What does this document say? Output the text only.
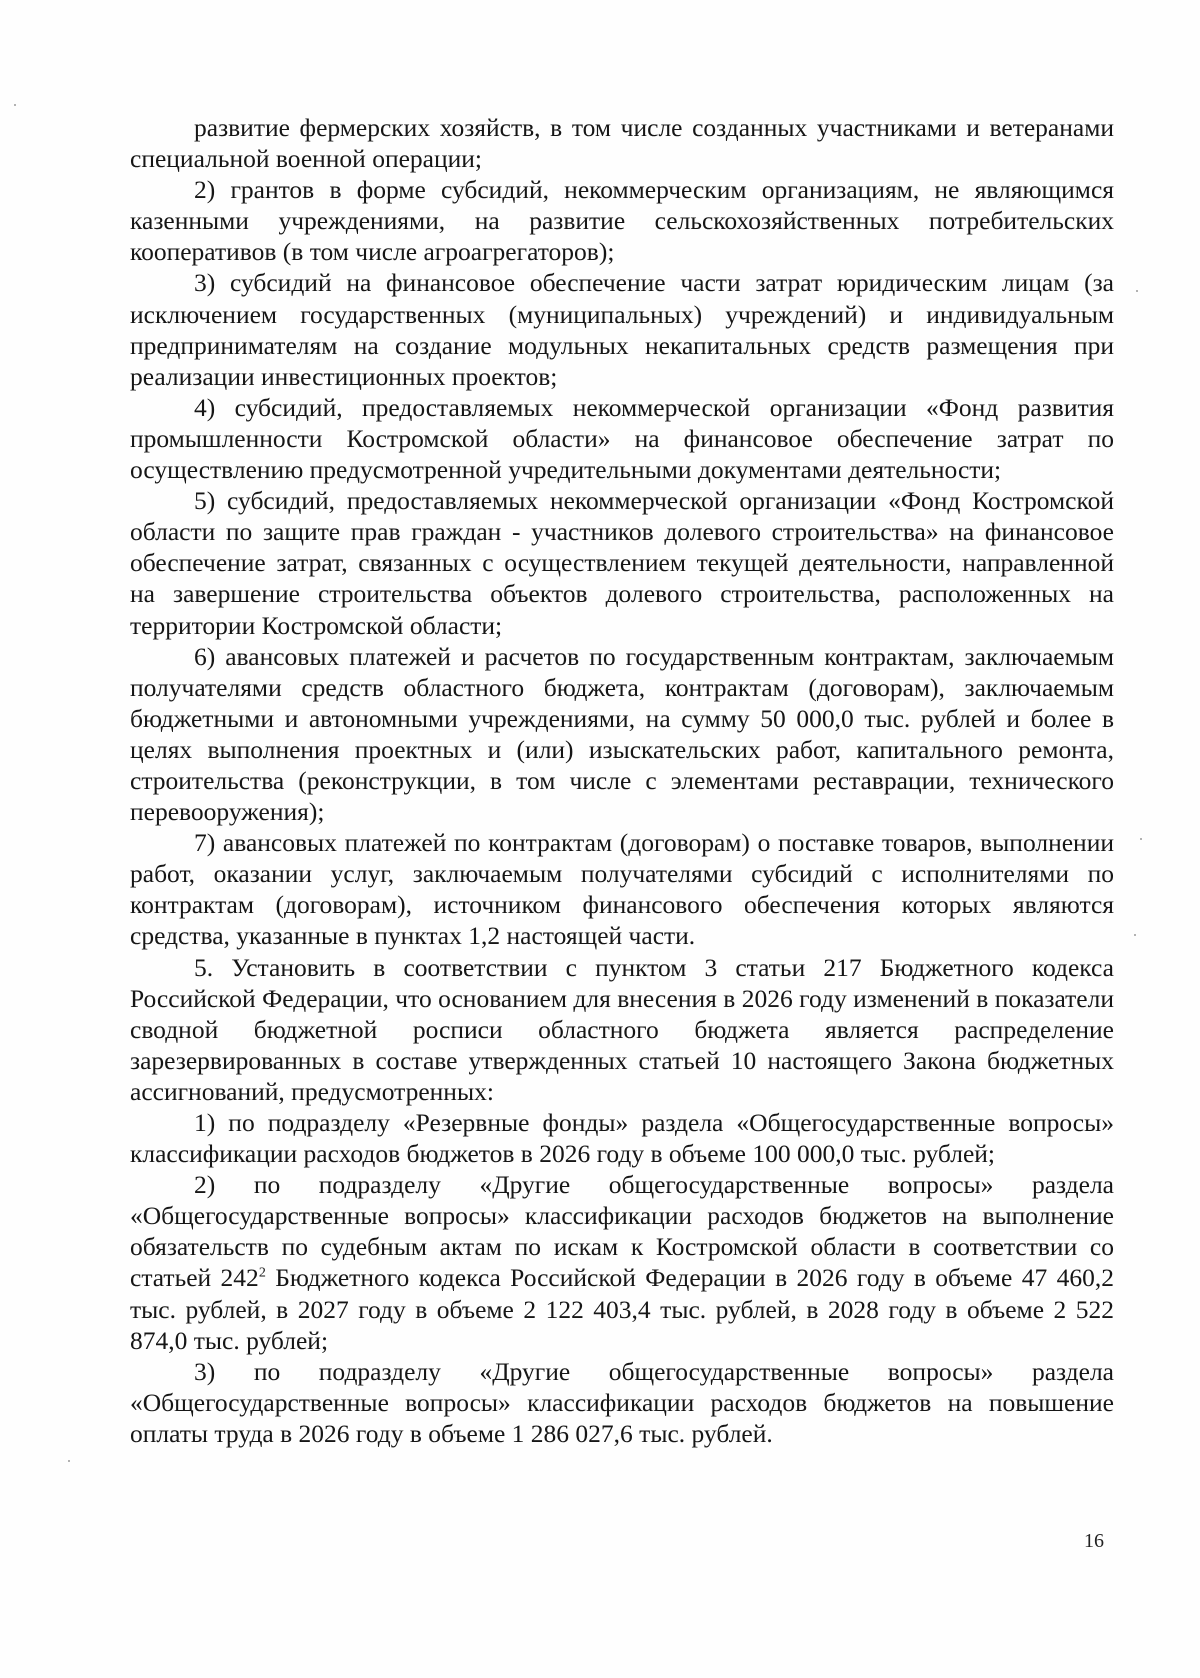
развитие фермерских хозяйств, в том числе созданных участниками и ветеранами специальной военной операции;

2) грантов в форме субсидий, некоммерческим организациям, не являющимся казенными учреждениями, на развитие сельскохозяйственных потребительских кооперативов (в том числе агроагрегаторов);

3) субсидий на финансовое обеспечение части затрат юридическим лицам (за исключением государственных (муниципальных) учреждений) и индивидуальным предпринимателям на создание модульных некапитальных средств размещения при реализации инвестиционных проектов;

4) субсидий, предоставляемых некоммерческой организации «Фонд развития промышленности Костромской области» на финансовое обеспечение затрат по осуществлению предусмотренной учредительными документами деятельности;

5) субсидий, предоставляемых некоммерческой организации «Фонд Костромской области по защите прав граждан - участников долевого строительства» на финансовое обеспечение затрат, связанных с осуществлением текущей деятельности, направленной на завершение строительства объектов долевого строительства, расположенных на территории Костромской области;

6) авансовых платежей и расчетов по государственным контрактам, заключаемым получателями средств областного бюджета, контрактам (договорам), заключаемым бюджетными и автономными учреждениями, на сумму 50 000,0 тыс. рублей и более в целях выполнения проектных и (или) изыскательских работ, капитального ремонта, строительства (реконструкции, в том числе с элементами реставрации, технического перевооружения);

7) авансовых платежей по контрактам (договорам) о поставке товаров, выполнении работ, оказании услуг, заключаемым получателями субсидий с исполнителями по контрактам (договорам), источником финансового обеспечения которых являются средства, указанные в пунктах 1,2 настоящей части.

5. Установить в соответствии с пунктом 3 статьи 217 Бюджетного кодекса Российской Федерации, что основанием для внесения в 2026 году изменений в показатели сводной бюджетной росписи областного бюджета является распределение зарезервированных в составе утвержденных статьей 10 настоящего Закона бюджетных ассигнований, предусмотренных:

1) по подразделу «Резервные фонды» раздела «Общегосударственные вопросы» классификации расходов бюджетов в 2026 году в объеме 100 000,0 тыс. рублей;

2) по подразделу «Другие общегосударственные вопросы» раздела «Общегосударственные вопросы» классификации расходов бюджетов на выполнение обязательств по судебным актам по искам к Костромской области в соответствии со статьей $242^2$ Бюджетного кодекса Российской Федерации в 2026 году в объеме 47 460,2 тыс. рублей, в 2027 году в объеме 2 122 403,4 тыс. рублей, в 2028 году в объеме 2 522 874,0 тыс. рублей;

3) по подразделу «Другие общегосударственные вопросы» раздела «Общегосударственные вопросы» классификации расходов бюджетов на повышение оплаты труда в 2026 году в объеме 1 286 027,6 тыс. рублей.

16
